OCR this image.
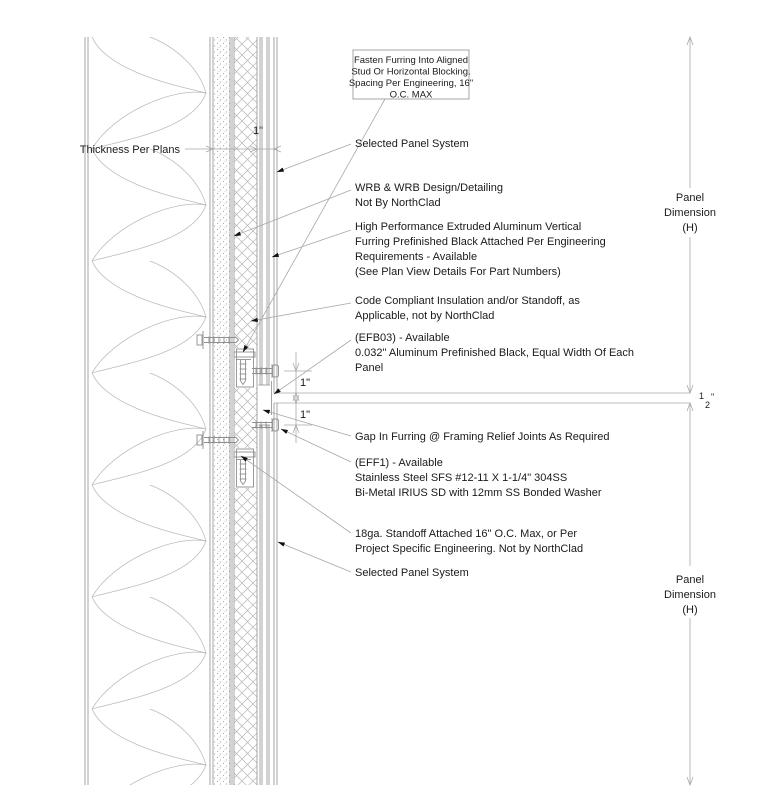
Fasten Furring Into Aligned
Stud Or Horizontal Blocking.
Spacing Per Engineering, 16"
O.C. MAX
Thickness Per Plans
1"
1"
1"
1
2
"
Selected Panel System
WRB & WRB Design/Detailing
Not By NorthClad
High Performance Extruded Aluminum Vertical
Furring Prefinished Black Attached Per Engineering
Requirements - Available
(See Plan View Details For Part Numbers)
Code Compliant Insulation and/or Standoff, as
Applicable, not by NorthClad
(EFB03) - Available
0.032" Aluminum Prefinished Black, Equal Width Of Each
Panel
Gap In Furring @ Framing Relief Joints As Required
(EFF1) - Available
Stainless Steel SFS #12-11 X 1-1/4" 304SS
Bi-Metal IRIUS SD with 12mm SS Bonded Washer
18ga. Standoff Attached 16" O.C. Max, or Per
Project Specific Engineering. Not by NorthClad
Selected Panel System
Panel
Dimension
(H)
Panel
Dimension
(H)
